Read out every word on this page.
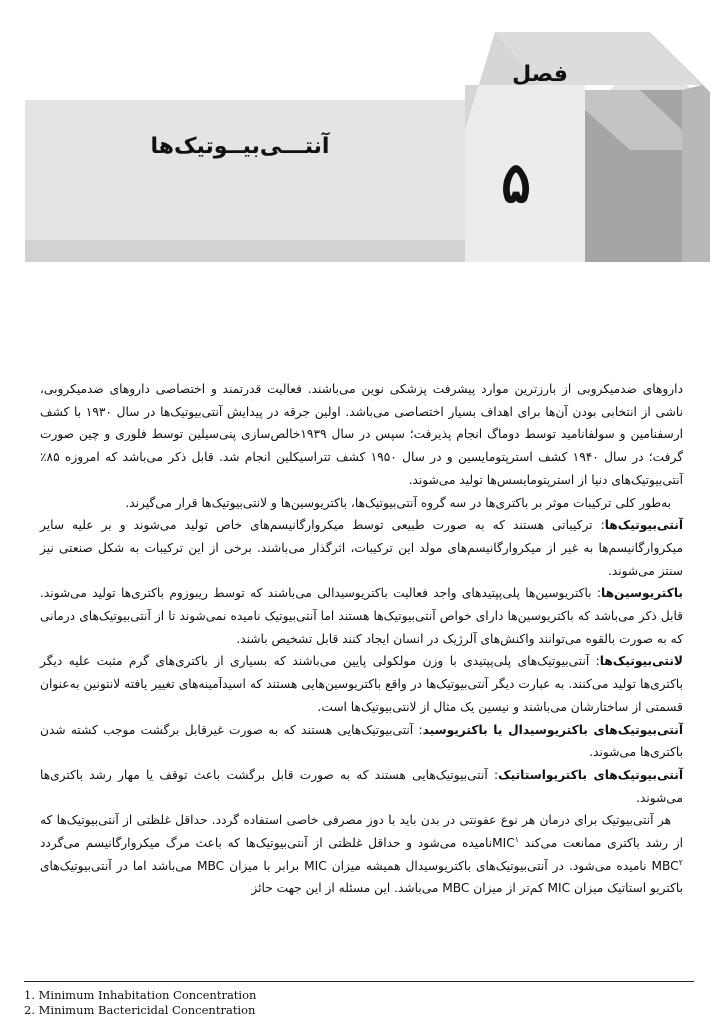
فصل
۵
آنتـــی‌بیــوتیک‌ها

داروهای ضدمیکروبی از بارزترین موارد پیشرفت پزشکی نوین می‌باشند. فعالیت قدرتمند و اختصاصی داروهای ضدمیکروبی، ناشی از انتخابی بودن آن‌ها برای اهداف بسیار اختصاصی می‌باشد. اولین جرقه در پیدایش آنتی‌بیوتیک‌ها در سال ۱۹۳۰ با کشف ارسفنامین و سولفانامید توسط دوماگ انجام پذیرفت؛ سپس در سال ۱۹۳۹خالص‌سازی پنی‌سیلین توسط فلوری و چین صورت گرفت؛ در سال ۱۹۴۰ کشف استرپتومایسین و در سال ۱۹۵۰ کشف تتراسیکلین انجام شد. قابل ذکر می‌باشد که امروزه ۸۵٪ آنتی‌بیوتیک‌های دنیا از استرپتومایسس‌ها تولید می‌شوند.

به‌طور کلی ترکیبات موثر بر باکتری‌ها در سه گروه آنتی‌بیوتیک‌ها، باکتریوسین‌ها و لانتی‌بیوتیک‌ها قرار می‌گیرند.

آنتی‌بیوتیک‌ها: ترکیباتی هستند که به صورت طبیعی توسط میکروارگانیسم‌های خاص تولید می‌شوند و بر علیه سایر میکروارگانیسم‌ها به غیر از میکروارگانیسم‌های مولد این ترکیبات، اثرگذار می‌باشند. برخی از این ترکیبات به شکل صنعتی نیز سنتز می‌شوند.

باکتریوسین‌ها: باکتریوسین‌ها پلی‌پپتیدهای واجد فعالیت باکتریوسیدالی می‌باشند که توسط ریبوزوم باکتری‌ها تولید می‌شوند. قابل ذکر می‌باشد که باکتریوسین‌ها دارای خواص آنتی‌بیوتیک‌ها هستند اما آنتی‌بیوتیک نامیده نمی‌شوند تا از آنتی‌بیوتیک‌های درمانی که به صورت بالقوه می‌توانند واکنش‌های آلرژیک در انسان ایجاد کنند قابل تشخیص باشند.

لانتی‌بیوتیک‌ها: آنتی‌بیوتیک‌های پلی‌پپتیدی با وزن مولکولی پایین می‌باشند که بسیاری از باکتری‌های گرم مثبت علیه دیگر باکتری‌ها تولید می‌کنند. به عبارت دیگر آنتی‌بیوتیک‌ها در واقع باکتریوسین‌هایی هستند که اسیدآمینه‌های تغییر یافته لانتونین به‌عنوان قسمتی از ساختارشان می‌باشند و نیسین یک مثال از لانتی‌بیوتیک‌ها است.

آنتی‌بیوتیک‌های باکتریوسیدال یا باکتریوسید: آنتی‌بیوتیک‌هایی هستند که به صورت غیرقابل برگشت موجب کشته شدن باکتری‌ها می‌شوند.

آنتی‌بیوتیک‌های باکتریواستاتیک: آنتی‌بیوتیک‌هایی هستند که به صورت قابل برگشت باعث توقف یا مهار رشد باکتری‌ها می‌شوند.

هر آنتی‌بیوتیک برای درمان هر نوع عفونتی در بدن باید با دوز مصرفی خاصی استفاده گردد. حداقل غلظتی از آنتی‌بیوتیک‌ها که از رشد باکتری ممانعت می‌کند MIC$^۱$نامیده می‌شود و حداقل غلظتی از آنتی‌بیوتیک‌ها که باعث مرگ میکروارگانیسم می‌گردد MBC$^۲$ نامیده می‌شود. در آنتی‌بیوتیک‌های باکتریوسیدال همیشه میزان MIC برابر با میزان MBC می‌باشد اما در آنتی‌بیوتیک‌های باکتریو استاتیک میزان MIC کم‌تر از میزان MBC می‌باشد. این مسئله از این جهت حائز

1. Minimum Inhabitation Concentration
2. Minimum Bactericidal Concentration
